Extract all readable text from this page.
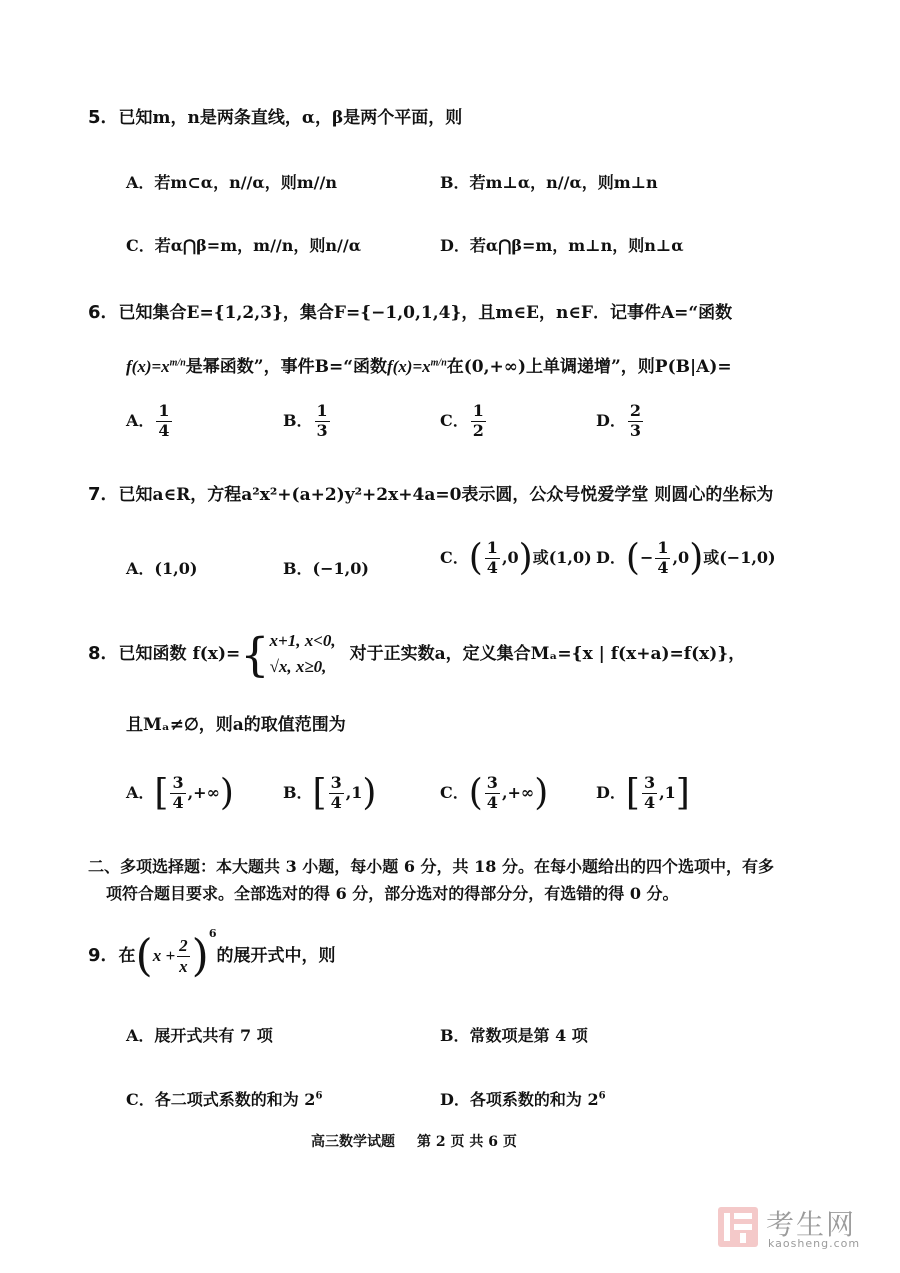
5．已知m，n是两条直线，α，β是两个平面，则
A．若m⊂α，n//α，则m//n	B．若m⊥α，n//α，则m⊥n
C．若α⋂β=m，m//n，则n//α	D．若α⋂β=m，m⊥n，则n⊥α
6．已知集合E={1,2,3}，集合F={−1,0,1,4}，且m∈E，n∈F．记事件A=“函数
$f(x)=x^{m/n}$是幂函数”，事件B=“函数$f(x)=x^{m/n}$在(0,+∞)上单调递增”，则P(B|A)=
A． $\frac{1}{4}$	B． $\frac{1}{3}$	C． $\frac{1}{2}$	D． $\frac{2}{3}$
7．已知a∈R，方程a²x²+(a+2)y²+2x+4a=0表示圆，公众号悦爱学堂 则圆心的坐标为
A．(1,0)	B．(−1,0)
C．( $\frac{1}{4} ,0$)或(1,0) D．(− $\frac{1}{4} ,0$)或(−1,0)
8．已知函数 f(x)={ x+1, x<0,
√x, x≥0,
对于正实数a，定义集合Mₐ={x | f(x+a)=f(x)}，
且Mₐ≠∅，则a的取值范围为
A．[ $\frac{3}{4}$ ,+∞)	B．[ $\frac{3}{4} ,1$)	C．( $\frac{3}{4}$ ,+∞)	D．[ $\frac{3}{4} ,1$]
二、多项选择题：本大题共 3 小题，每小题 6 分，共 18 分。在每小题给出的四个选项中，有多
项符合题目要求。全部选对的得 6 分，部分选对的得部分分，有选错的得 0 分。
9．在$(x + \frac{2}{x} )^6$的展开式中，则
A．展开式共有 7 项	B．常数项是第 4 项
C．各二项式系数的和为 $2^6$	D．各项系数的和为 $2^6$
高三数学试题 第 2 页 共 6 页
考生网
kaosheng.com
